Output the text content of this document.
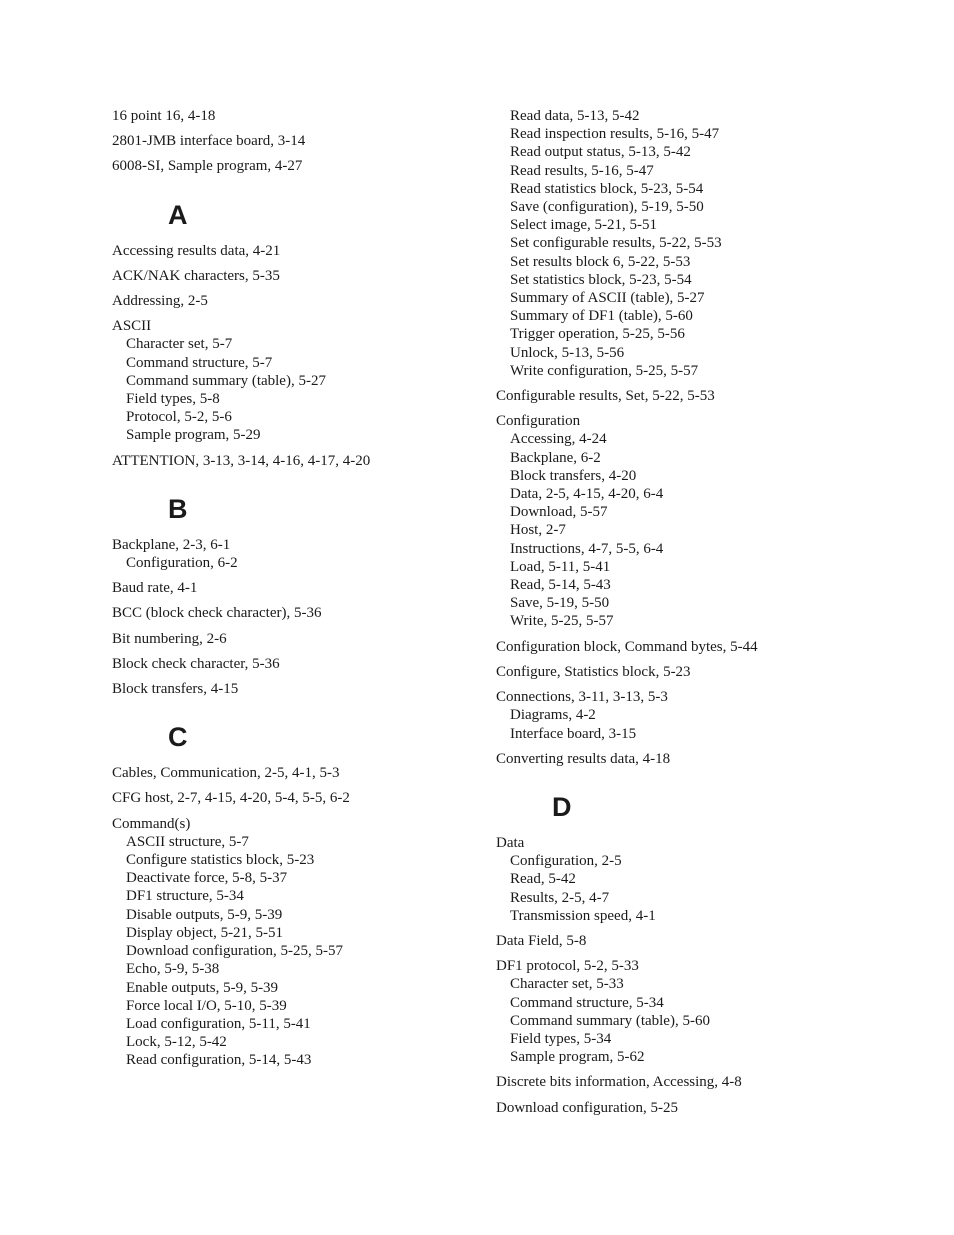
16 point 16, 4-18
2801-JMB interface board, 3-14
6008-SI, Sample program, 4-27
A
Accessing results data, 4-21
ACK/NAK characters, 5-35
Addressing, 2-5
ASCII
Character set, 5-7
Command structure, 5-7
Command summary (table), 5-27
Field types, 5-8
Protocol, 5-2, 5-6
Sample program, 5-29
ATTENTION, 3-13, 3-14, 4-16, 4-17, 4-20
B
Backplane, 2-3, 6-1
Configuration, 6-2
Baud rate, 4-1
BCC (block check character), 5-36
Bit numbering, 2-6
Block check character, 5-36
Block transfers, 4-15
C
Cables, Communication, 2-5, 4-1, 5-3
CFG host, 2-7, 4-15, 4-20, 5-4, 5-5, 6-2
Command(s)
ASCII structure, 5-7
Configure statistics block, 5-23
Deactivate force, 5-8, 5-37
DF1 structure, 5-34
Disable outputs, 5-9, 5-39
Display object, 5-21, 5-51
Download configuration, 5-25, 5-57
Echo, 5-9, 5-38
Enable outputs, 5-9, 5-39
Force local I/O, 5-10, 5-39
Load configuration, 5-11, 5-41
Lock, 5-12, 5-42
Read configuration, 5-14, 5-43
Read data, 5-13, 5-42
Read inspection results, 5-16, 5-47
Read output status, 5-13, 5-42
Read results, 5-16, 5-47
Read statistics block, 5-23, 5-54
Save (configuration), 5-19, 5-50
Select image, 5-21, 5-51
Set configurable results, 5-22, 5-53
Set results block 6, 5-22, 5-53
Set statistics block, 5-23, 5-54
Summary of ASCII (table), 5-27
Summary of DF1 (table), 5-60
Trigger operation, 5-25, 5-56
Unlock, 5-13, 5-56
Write configuration, 5-25, 5-57
Configurable results, Set, 5-22, 5-53
Configuration
Accessing, 4-24
Backplane, 6-2
Block transfers, 4-20
Data, 2-5, 4-15, 4-20, 6-4
Download, 5-57
Host, 2-7
Instructions, 4-7, 5-5, 6-4
Load, 5-11, 5-41
Read, 5-14, 5-43
Save, 5-19, 5-50
Write, 5-25, 5-57
Configuration block, Command bytes, 5-44
Configure, Statistics block, 5-23
Connections, 3-11, 3-13, 5-3
Diagrams, 4-2
Interface board, 3-15
Converting results data, 4-18
D
Data
Configuration, 2-5
Read, 5-42
Results, 2-5, 4-7
Transmission speed, 4-1
Data Field, 5-8
DF1 protocol, 5-2, 5-33
Character set, 5-33
Command structure, 5-34
Command summary (table), 5-60
Field types, 5-34
Sample program, 5-62
Discrete bits information, Accessing, 4-8
Download configuration, 5-25
